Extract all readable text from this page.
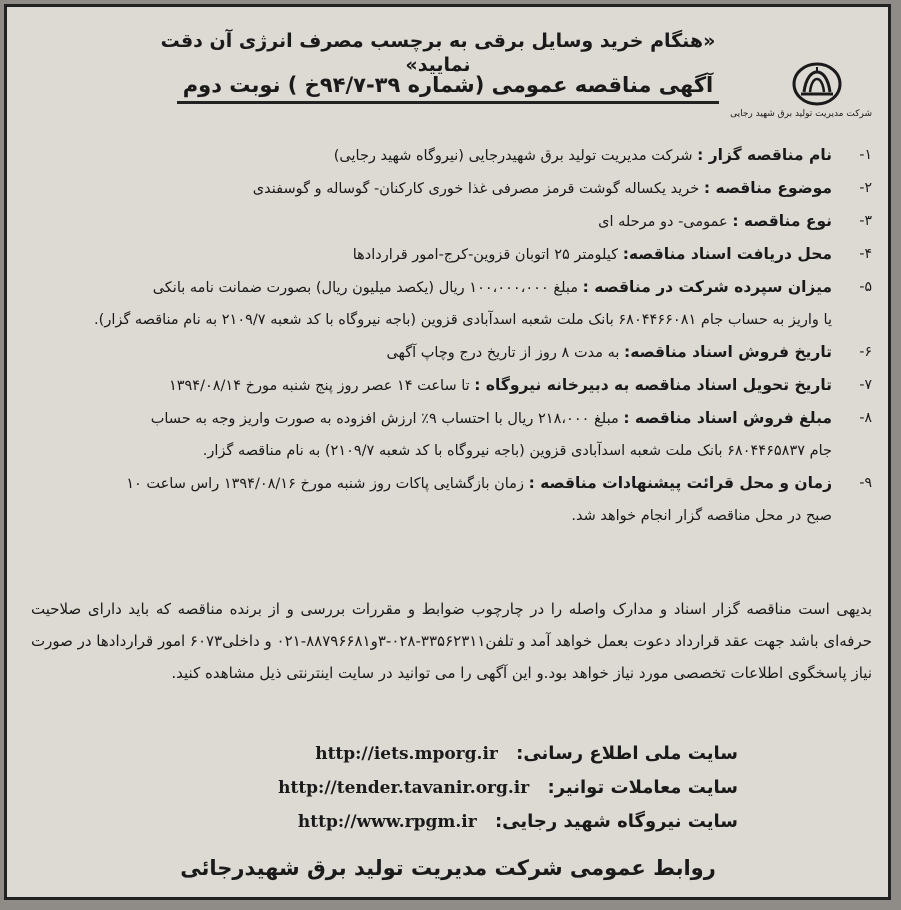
«هنگام خرید وسایل برقی به برچسب مصرف انرژی آن دقت نمایید»
شرکت مدیریت تولید برق شهید رجایی
آگهی مناقصه عمومی (شماره ۳۹-۹۴/۷خ ) نوبت دوم
۱-
نام مناقصه گزار : شرکت مدیریت تولید برق شهیدرجایی (نیروگاه شهید رجایی)
۲-
موضوع مناقصه : خرید یکساله گوشت قرمز مصرفی غذا خوری کارکنان- گوساله و گوسفندی
۳-
نوع مناقصه : عمومی- دو مرحله ای
۴-
محل دریافت اسناد مناقصه: کیلومتر ۲۵ اتوبان قزوین-کرج-امور قراردادها
۵-
میزان سپرده شرکت در مناقصه : مبلغ ۱۰۰،۰۰۰،۰۰۰ ریال (یکصد میلیون ریال) بصورت ضمانت نامه بانکی
یا واریز به حساب جام ۶۸۰۴۴۶۶۰۸۱ بانک ملت شعبه اسدآبادی قزوین (باجه نیروگاه با کد شعبه ۲۱۰۹/۷ به نام مناقصه گزار).
۶-
تاریخ فروش اسناد مناقصه: به مدت ۸ روز از تاریخ درج وچاپ آگهی
۷-
تاریخ تحویل اسناد مناقصه به دبیرخانه نیروگاه : تا ساعت ۱۴ عصر روز پنج شنبه مورخ ۱۳۹۴/۰۸/۱۴
۸-
مبلغ فروش اسناد مناقصه : مبلغ ۲۱۸،۰۰۰ ریال با احتساب ۹٪ ارزش افزوده به صورت واریز وجه به حساب
جام ۶۸۰۴۴۶۵۸۳۷ بانک ملت شعبه اسدآبادی قزوین (باجه نیروگاه با کد شعبه ۲۱۰۹/۷) به نام مناقصه گزار.
۹-
زمان و محل قرائت پیشنهادات مناقصه : زمان بازگشایی پاکات روز شنبه مورخ ۱۳۹۴/۰۸/۱۶ راس ساعت ۱۰
صبح در محل مناقصه گزار انجام خواهد شد.
بدیهی است مناقصه گزار اسناد و مدارک واصله را در چارچوب ضوابط و مقررات بررسی و از برنده مناقصه که باید دارای صلاحیت حرفه‌ای باشد جهت عقد قرارداد دعوت بعمل خواهد آمد و تلفن۳۳۵۶۲۳۱۱-۰۲۸-۳و۸۸۷۹۶۶۸۱-۰۲۱ و داخلی۶۰۷۳ امور قراردادها در صورت نیاز پاسخگوی اطلاعات تخصصی مورد نیاز خواهد بود.و این آگهی را می توانید در سایت اینترنتی ذیل مشاهده کنید.
سایت ملی اطلاع رسانی: http://iets.mporg.ir
سایت معاملات توانیر: http://tender.tavanir.org.ir
سایت نیروگاه شهید رجایی: http://www.rpgm.ir
روابط عمومی شرکت مدیریت تولید برق شهیدرجائی
